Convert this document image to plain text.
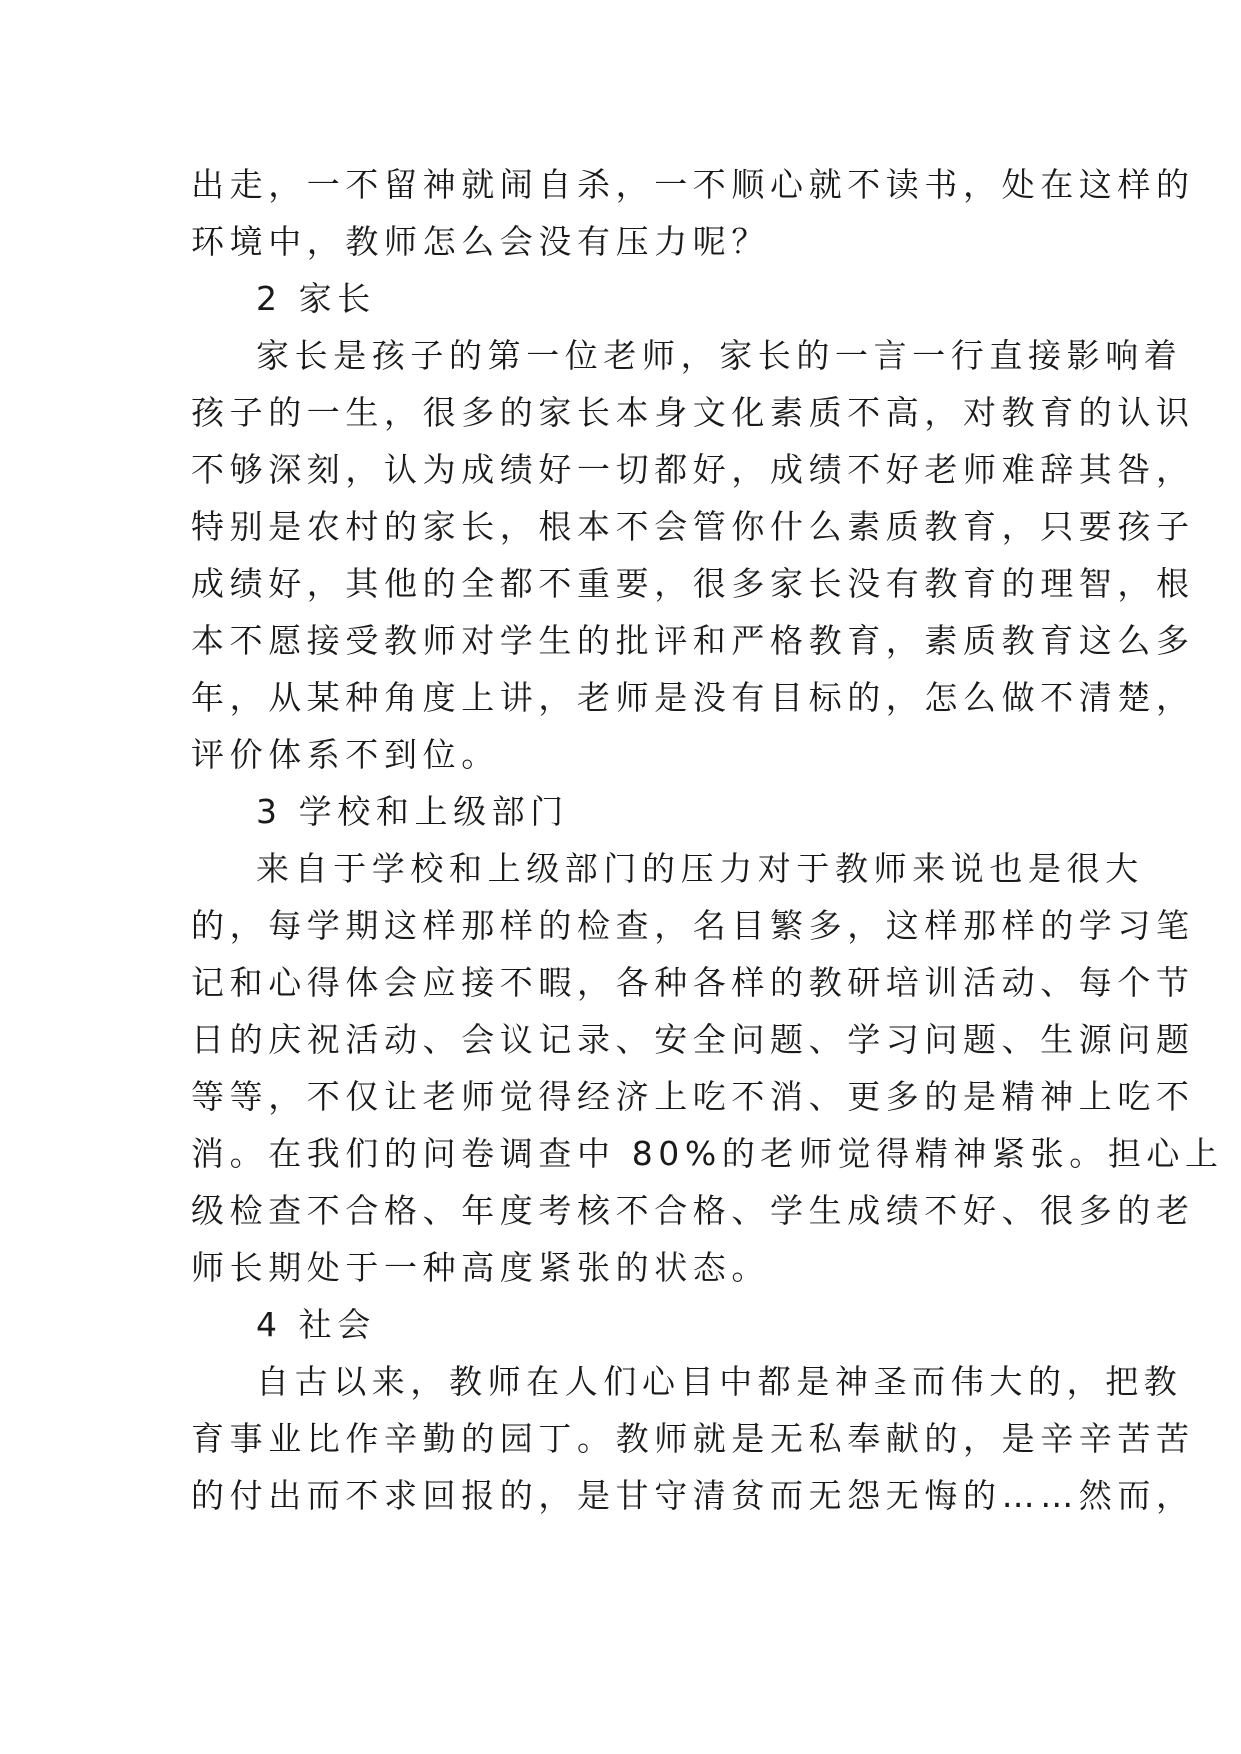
出走，一不留神就闹自杀，一不顺心就不读书，处在这样的
环境中，教师怎么会没有压力呢？
2 家长
家长是孩子的第一位老师，家长的一言一行直接影响着
孩子的一生，很多的家长本身文化素质不高，对教育的认识
不够深刻，认为成绩好一切都好，成绩不好老师难辞其咎，
特别是农村的家长，根本不会管你什么素质教育，只要孩子
成绩好，其他的全都不重要，很多家长没有教育的理智，根
本不愿接受教师对学生的批评和严格教育，素质教育这么多
年，从某种角度上讲，老师是没有目标的，怎么做不清楚，
评价体系不到位。
3 学校和上级部门
来自于学校和上级部门的压力对于教师来说也是很大
的，每学期这样那样的检查，名目繁多，这样那样的学习笔
记和心得体会应接不暇，各种各样的教研培训活动、每个节
日的庆祝活动、会议记录、安全问题、学习问题、生源问题
等等，不仅让老师觉得经济上吃不消、更多的是精神上吃不
消。在我们的问卷调查中 80%的老师觉得精神紧张。担心上
级检查不合格、年度考核不合格、学生成绩不好、很多的老
师长期处于一种高度紧张的状态。
4 社会
自古以来，教师在人们心目中都是神圣而伟大的，把教
育事业比作辛勤的园丁。教师就是无私奉献的，是辛辛苦苦
的付出而不求回报的，是甘守清贫而无怨无悔的……然而，
